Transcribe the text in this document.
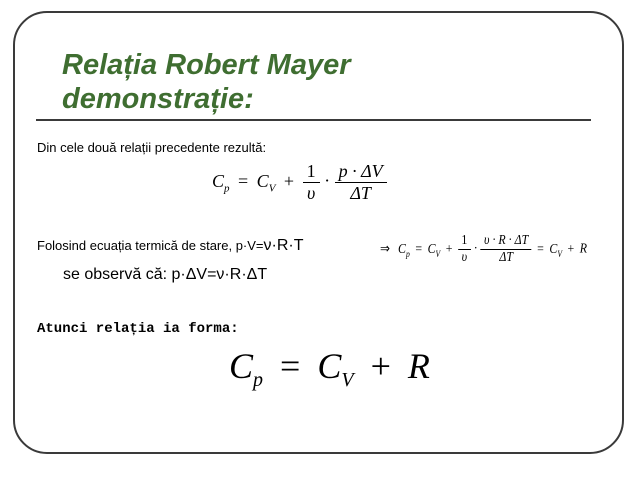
Relația Robert Mayer
demonstrație:
Din cele două relații precedente rezultă:
$C_p = C_V + \frac{1}{\upsilon} \cdot \frac{p \cdot \Delta V}{\Delta T}$
Folosind ecuația termică de stare, p·V=ν·R·T	⇒ $C_p = C_V + \frac{1}{\upsilon} \cdot \frac{\upsilon \cdot R \cdot \Delta T}{\Delta T} = C_V + R$
se observă că: p·ΔV=ν·R·ΔT
Atunci relația ia forma:
$C_p = C_V + R$
